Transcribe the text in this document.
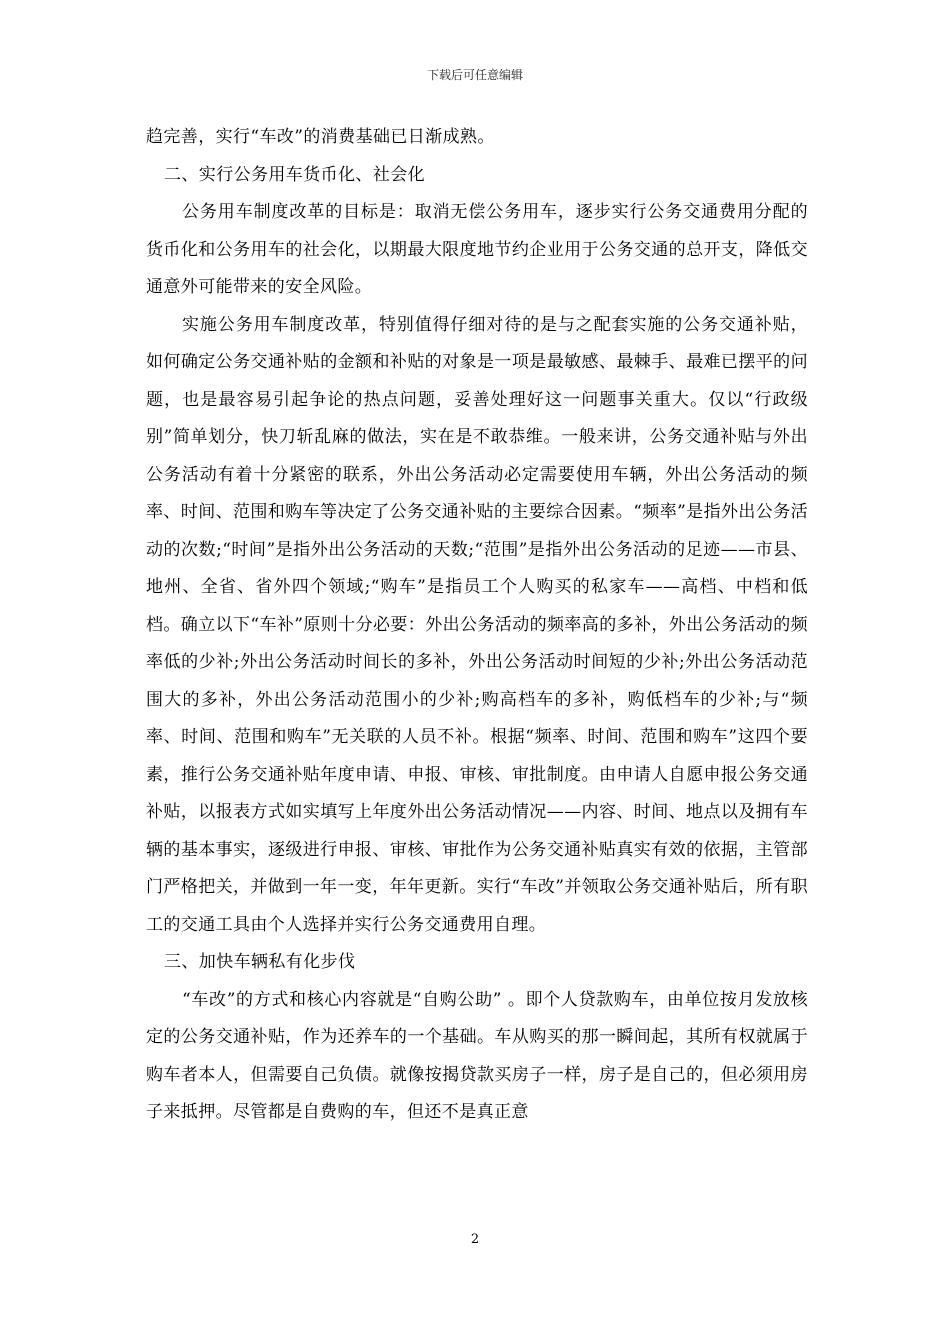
下载后可任意编辑

趋完善，实行“车改”的消费基础已日渐成熟。

二、实行公务用车货币化、社会化

公务用车制度改革的目标是：取消无偿公务用车，逐步实行公务交通费用分配的货币化和公务用车的社会化，以期最大限度地节约企业用于公务交通的总开支，降低交通意外可能带来的安全风险。

实施公务用车制度改革，特别值得仔细对待的是与之配套实施的公务交通补贴，如何确定公务交通补贴的金额和补贴的对象是一项是最敏感、最棘手、最难已摆平的问题，也是最容易引起争论的热点问题，妥善处理好这一问题事关重大。仅以“行政级别”简单划分，快刀斩乱麻的做法，实在是不敢恭维。一般来讲，公务交通补贴与外出公务活动有着十分紧密的联系，外出公务活动必定需要使用车辆，外出公务活动的频率、时间、范围和购车等决定了公务交通补贴的主要综合因素。“频率”是指外出公务活动的次数;“时间”是指外出公务活动的天数;“范围”是指外出公务活动的足迹——市县、地州、全省、省外四个领域;“购车”是指员工个人购买的私家车——高档、中档和低档。确立以下“车补”原则十分必要：外出公务活动的频率高的多补，外出公务活动的频率低的少补;外出公务活动时间长的多补，外出公务活动时间短的少补;外出公务活动范围大的多补，外出公务活动范围小的少补;购高档车的多补，购低档车的少补;与“频率、时间、范围和购车”无关联的人员不补。根据“频率、时间、范围和购车”这四个要素，推行公务交通补贴年度申请、申报、审核、审批制度。由申请人自愿申报公务交通补贴，以报表方式如实填写上年度外出公务活动情况——内容、时间、地点以及拥有车辆的基本事实，逐级进行申报、审核、审批作为公务交通补贴真实有效的依据，主管部门严格把关，并做到一年一变，年年更新。实行“车改”并领取公务交通补贴后，所有职工的交通工具由个人选择并实行公务交通费用自理。

三、加快车辆私有化步伐

“车改”的方式和核心内容就是“自购公助” 。即个人贷款购车，由单位按月发放核定的公务交通补贴，作为还养车的一个基础。车从购买的那一瞬间起，其所有权就属于购车者本人，但需要自己负债。就像按揭贷款买房子一样，房子是自己的，但必须用房子来抵押。尽管都是自费购的车，但还不是真正意

2
